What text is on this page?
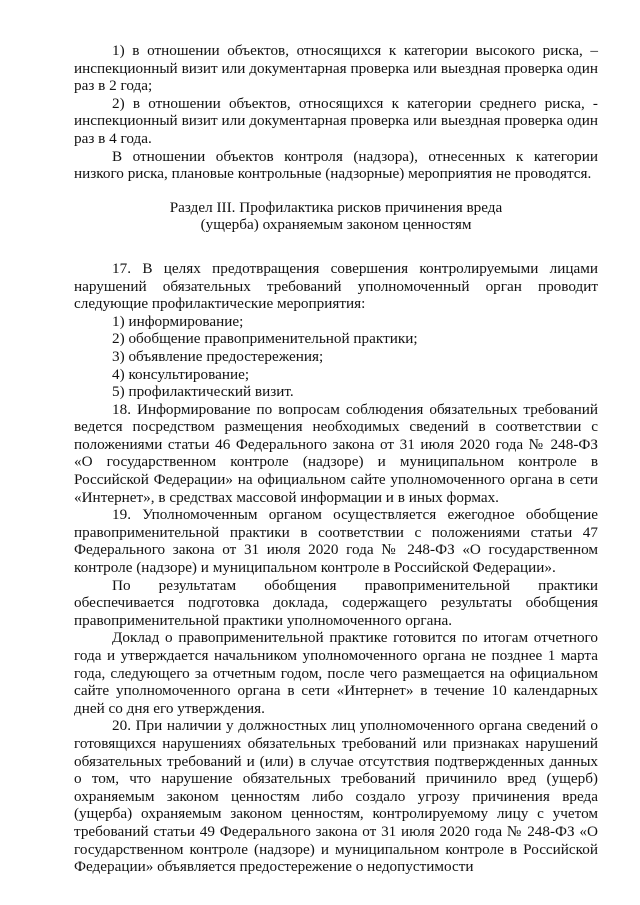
1) в отношении объектов, относящихся к категории высокого риска, – инспекционный визит или документарная проверка или выездная проверка один раз в 2 года;

2) в отношении объектов, относящихся к категории среднего риска, - инспекционный визит или документарная проверка или выездная проверка один раз в 4 года.

В отношении объектов контроля (надзора), отнесенных к категории низкого риска, плановые контрольные (надзорные) мероприятия не проводятся.

Раздел III. Профилактика рисков причинения вреда
(ущерба) охраняемым законом ценностям

17. В целях предотвращения совершения контролируемыми лицами нарушений обязательных требований уполномоченный орган проводит следующие профилактические мероприятия:

1) информирование;

2) обобщение правоприменительной практики;

3) объявление предостережения;

4) консультирование;

5) профилактический визит.

18. Информирование по вопросам соблюдения обязательных требований ведется посредством размещения необходимых сведений в соответствии с положениями статьи 46 Федерального закона от 31 июля 2020 года № 248-ФЗ «О государственном контроле (надзоре) и муниципальном контроле в Российской Федерации» на официальном сайте уполномоченного органа в сети «Интернет», в средствах массовой информации и в иных формах.

19. Уполномоченным органом осуществляется ежегодное обобщение правоприменительной практики в соответствии с положениями статьи 47 Федерального закона от 31 июля 2020 года № 248-ФЗ «О государственном контроле (надзоре) и муниципальном контроле в Российской Федерации».

По результатам обобщения правоприменительной практики обеспечивается подготовка доклада, содержащего результаты обобщения правоприменительной практики уполномоченного органа.

Доклад о правоприменительной практике готовится по итогам отчетного года и утверждается начальником уполномоченного органа не позднее 1 марта года, следующего за отчетным годом, после чего размещается на официальном сайте уполномоченного органа в сети «Интернет» в течение 10 календарных дней со дня его утверждения.

20. При наличии у должностных лиц уполномоченного органа сведений о готовящихся нарушениях обязательных требований или признаках нарушений обязательных требований и (или) в случае отсутствия подтвержденных данных о том, что нарушение обязательных требований причинило вред (ущерб) охраняемым законом ценностям либо создало угрозу причинения вреда (ущерба) охраняемым законом ценностям, контролируемому лицу с учетом требований статьи 49 Федерального закона от 31 июля 2020 года № 248-ФЗ «О государственном контроле (надзоре) и муниципальном контроле в Российской Федерации» объявляется предостережение о недопустимости
